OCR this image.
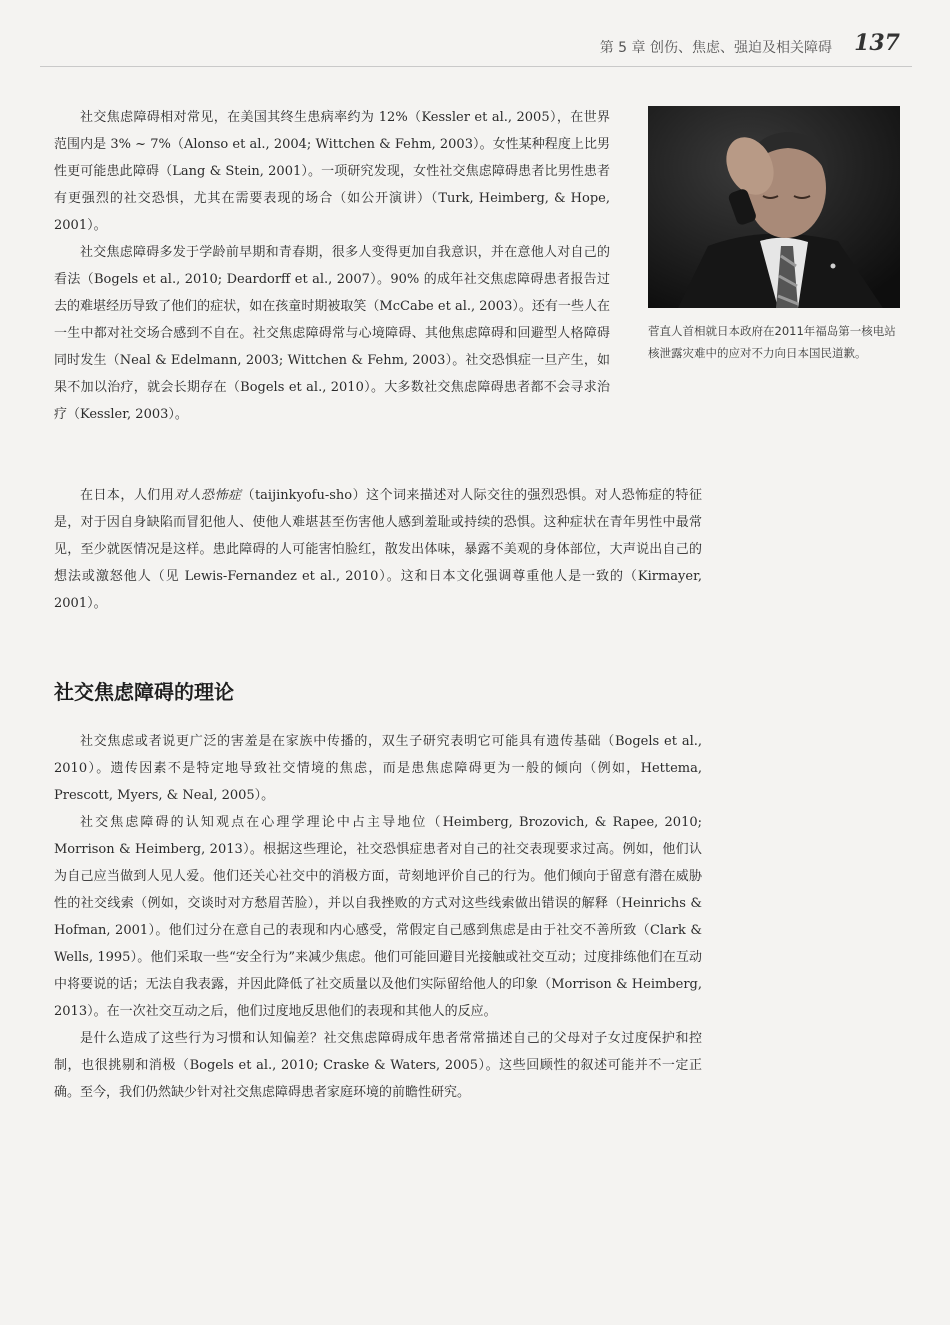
第 5 章 创伤、焦虑、强迫及相关障碍 137
菅直人首相就日本政府在2011年福岛第一核电站核泄露灾难中的应对不力向日本国民道歉。

社交焦虑障碍相对常见，在美国其终生患病率约为 12%（Kessler et al., 2005），在世界范围内是 3% ~ 7%（Alonso et al., 2004; Wittchen & Fehm, 2003）。女性某种程度上比男性更可能患此障碍（Lang & Stein, 2001）。一项研究发现，女性社交焦虑障碍患者比男性患者有更强烈的社交恐惧，尤其在需要表现的场合（如公开演讲）（Turk, Heimberg, & Hope, 2001）。

社交焦虑障碍多发于学龄前早期和青春期，很多人变得更加自我意识，并在意他人对自己的看法（Bogels et al., 2010; Deardorff et al., 2007）。90% 的成年社交焦虑障碍患者报告过去的难堪经历导致了他们的症状，如在孩童时期被取笑（McCabe et al., 2003）。还有一些人在一生中都对社交场合感到不自在。社交焦虑障碍常与心境障碍、其他焦虑障碍和回避型人格障碍同时发生（Neal & Edelmann, 2003; Wittchen & Fehm, 2003）。社交恐惧症一旦产生，如果不加以治疗，就会长期存在（Bogels et al., 2010）。大多数社交焦虑障碍患者都不会寻求治疗（Kessler, 2003）。

在日本，人们用对人恐怖症（taijinkyofu-sho）这个词来描述对人际交往的强烈恐惧。对人恐怖症的特征是，对于因自身缺陷而冒犯他人、使他人难堪甚至伤害他人感到羞耻或持续的恐惧。这种症状在青年男性中最常见，至少就医情况是这样。患此障碍的人可能害怕脸红，散发出体味，暴露不美观的身体部位，大声说出自己的想法或激怒他人（见 Lewis-Fernandez et al., 2010）。这和日本文化强调尊重他人是一致的（Kirmayer, 2001）。

社交焦虑障碍的理论

社交焦虑或者说更广泛的害羞是在家族中传播的，双生子研究表明它可能具有遗传基础（Bogels et al., 2010）。遗传因素不是特定地导致社交情境的焦虑，而是患焦虑障碍更为一般的倾向（例如，Hettema, Prescott, Myers, & Neal, 2005）。

社交焦虑障碍的认知观点在心理学理论中占主导地位（Heimberg, Brozovich, & Rapee, 2010; Morrison & Heimberg, 2013）。根据这些理论，社交恐惧症患者对自己的社交表现要求过高。例如，他们认为自己应当做到人见人爱。他们还关心社交中的消极方面，苛刻地评价自己的行为。他们倾向于留意有潜在威胁性的社交线索（例如，交谈时对方愁眉苦脸），并以自我挫败的方式对这些线索做出错误的解释（Heinrichs & Hofman, 2001）。他们过分在意自己的表现和内心感受，常假定自己感到焦虑是由于社交不善所致（Clark & Wells, 1995）。他们采取一些“安全行为”来减少焦虑。他们可能回避目光接触或社交互动；过度排练他们在互动中将要说的话；无法自我表露，并因此降低了社交质量以及他们实际留给他人的印象（Morrison & Heimberg, 2013）。在一次社交互动之后，他们过度地反思他们的表现和其他人的反应。

是什么造成了这些行为习惯和认知偏差？社交焦虑障碍成年患者常常描述自己的父母对子女过度保护和控制，也很挑剔和消极（Bogels et al., 2010; Craske & Waters, 2005）。这些回顾性的叙述可能并不一定正确。至今，我们仍然缺少针对社交焦虑障碍患者家庭环境的前瞻性研究。
